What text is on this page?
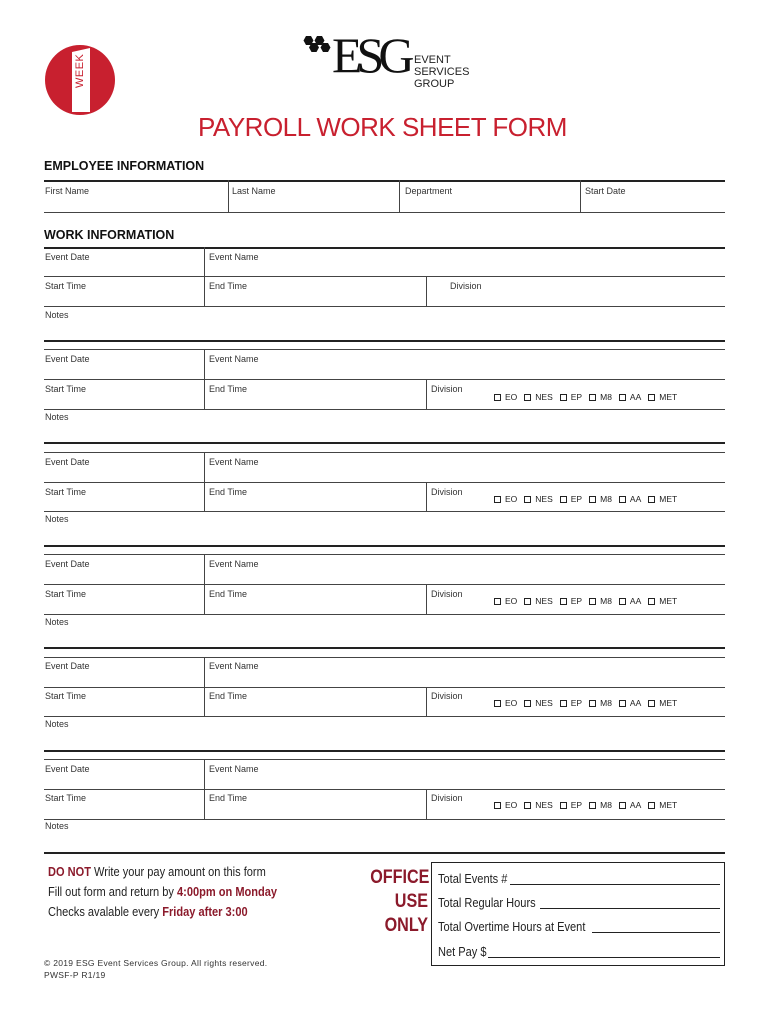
WEEK	ESG EVENT
SERVICES
GROUP
PAYROLL WORK SHEET FORM
EMPLOYEE INFORMATION
First Name	Last Name	Department	Start Date
WORK INFORMATION
Event Date	Event Name
Start Time	End Time	Division
Notes
Event Date	Event Name
Start Time	End Time	Division
EO NES EP M8 AA MET
Notes
Event Date	Event Name
Start Time	End Time	Division
EO NES EP M8 AA MET
Notes
Event Date	Event Name
Start Time	End Time	Division
EO NES EP M8 AA MET
Notes
Event Date	Event Name
Start Time	End Time	Division
EO NES EP M8 AA MET
Notes
Event Date	Event Name
Start Time	End Time	Division
EO NES EP M8 AA MET
Notes
DO NOT Write your pay amount on this form
Fill out form and return by 4:00pm on Monday
Checks avalable every Friday after 3:00
© 2019 ESG Event Services Group. All rights reserved.
PWSF-P R1/19
OFFICE
USE
ONLY
Total Events #
Total Regular Hours
Total Overtime Hours at Event
Net Pay $
